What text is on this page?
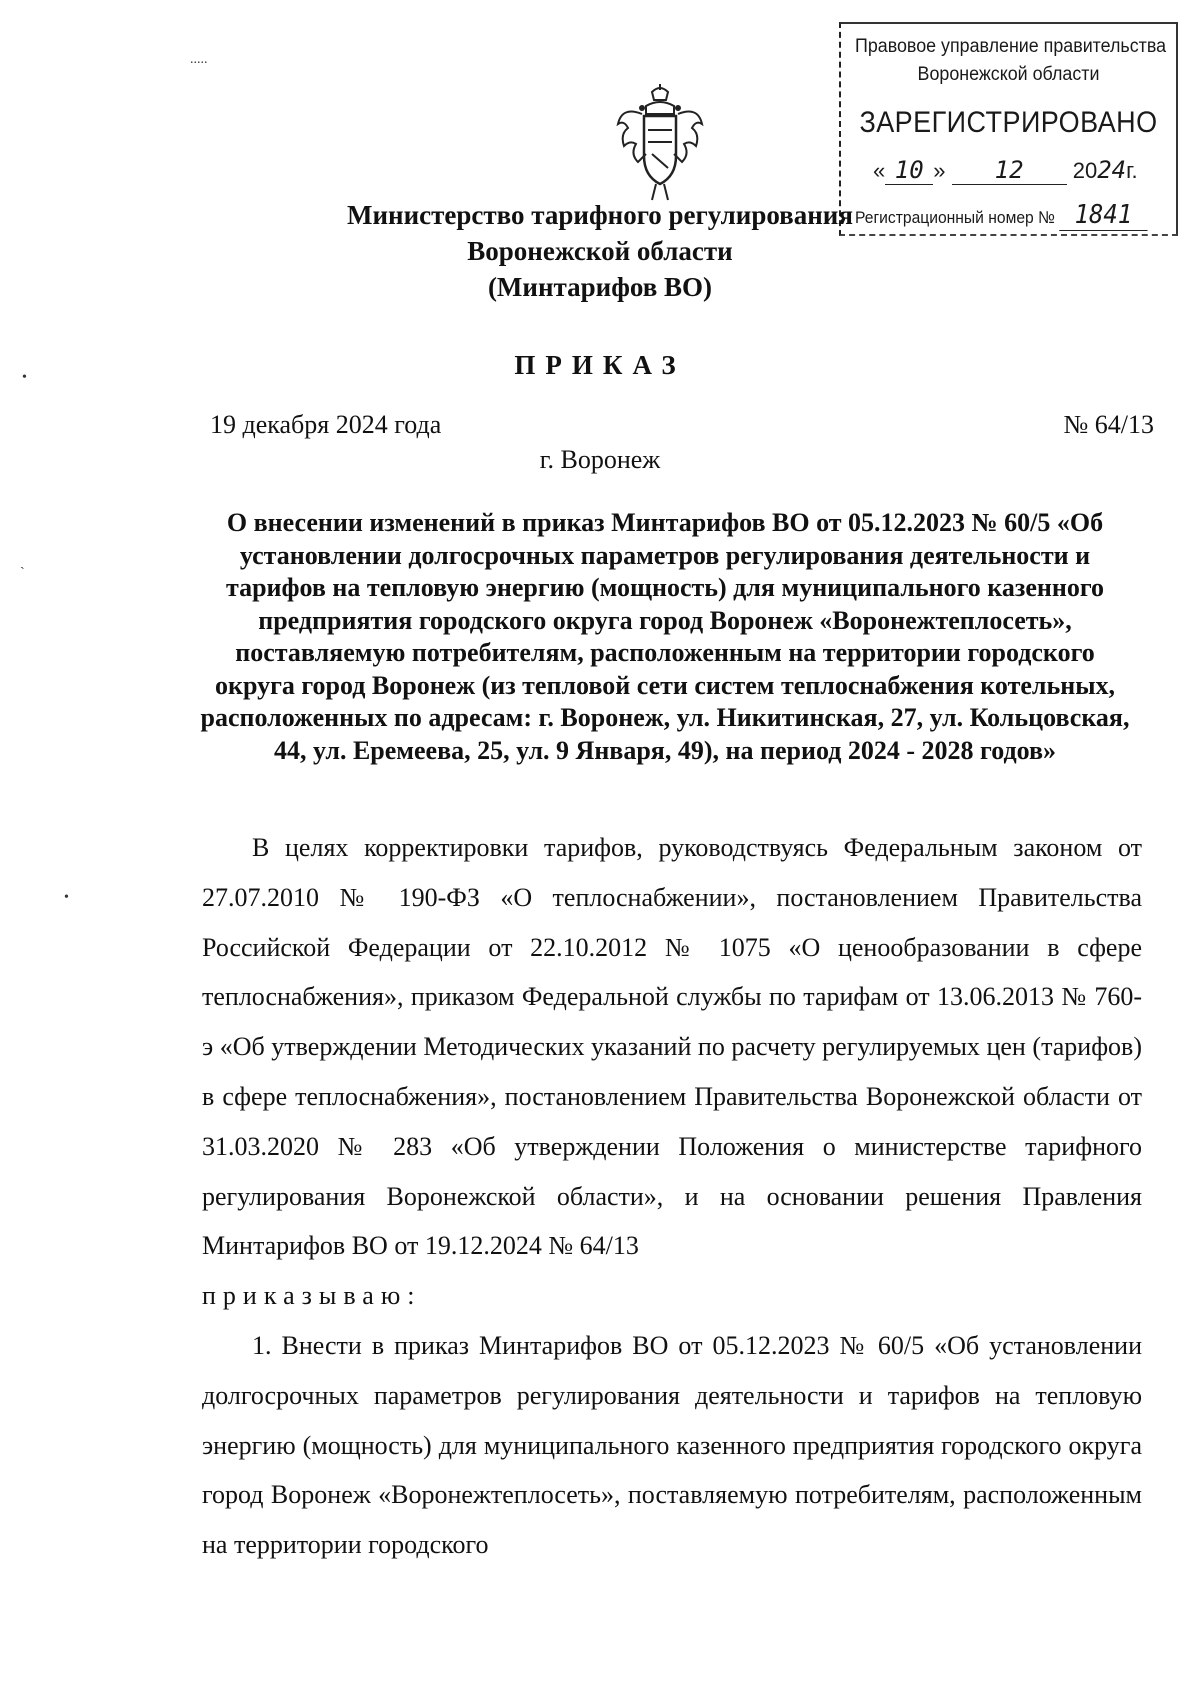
.....
•
ˏ
•
Правовое управление правительства
Воронежской области
ЗАРЕГИСТРИРОВАНО
« 10 » 12 2024г.
Регистрационный номер № 1841
Министерство тарифного регулирования
Воронежской области
(Минтарифов ВО)
ПРИКАЗ
19 декабря 2024 года	№ 64/13
г. Воронеж
О внесении изменений в приказ Минтарифов ВО от 05.12.2023 № 60/5 «Об установлении долгосрочных параметров регулирования деятельности и тарифов на тепловую энергию (мощность) для муниципального казенного предприятия городского округа город Воронеж «Воронежтеплосеть», поставляемую потребителям, расположенным на территории городского округа город Воронеж (из тепловой сети систем теплоснабжения котельных, расположенных по адресам: г. Воронеж, ул. Никитинская, 27, ул. Кольцовская, 44, ул. Еремеева, 25, ул. 9 Января, 49), на период 2024 - 2028 годов»

В целях корректировки тарифов, руководствуясь Федеральным законом от 27.07.2010 № 190-ФЗ «О теплоснабжении», постановлением Правительства Российской Федерации от 22.10.2012 № 1075 «О ценообразовании в сфере теплоснабжения», приказом Федеральной службы по тарифам от 13.06.2013 № 760-э «Об утверждении Методических указаний по расчету регулируемых цен (тарифов) в сфере теплоснабжения», постановлением Правительства Воронежской области от 31.03.2020 № 283 «Об утверждении Положения о министерстве тарифного регулирования Воронежской области», и на основании решения Правления Минтарифов ВО от 19.12.2024 № 64/13

приказываю:

1. Внести в приказ Минтарифов ВО от 05.12.2023 № 60/5 «Об установлении долгосрочных параметров регулирования деятельности и тарифов на тепловую энергию (мощность) для муниципального казенного предприятия городского округа город Воронеж «Воронежтеплосеть», поставляемую потребителям, расположенным на территории городского
